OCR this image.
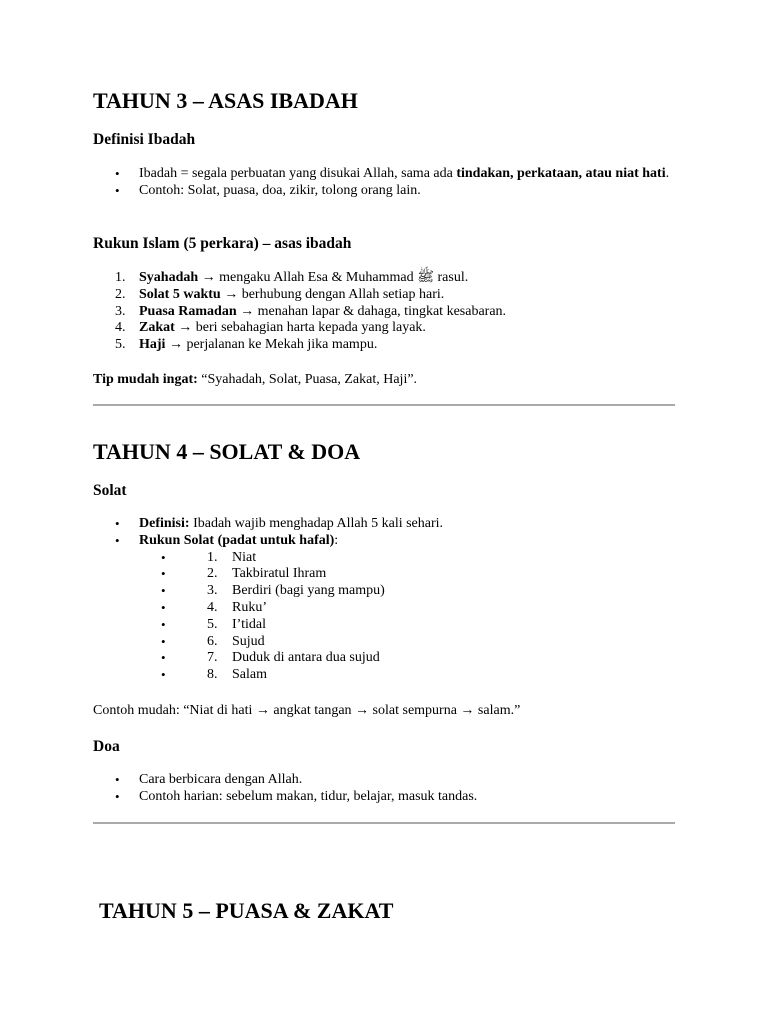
TAHUN 3 – ASAS IBADAH
Definisi Ibadah
• Ibadah = segala perbuatan yang disukai Allah, sama ada tindakan, perkataan, atau niat hati.
• Contoh: Solat, puasa, doa, zikir, tolong orang lain.
Rukun Islam (5 perkara) – asas ibadah
1. Syahadah → mengaku Allah Esa & Muhammad ﷺ rasul.
2. Solat 5 waktu → berhubung dengan Allah setiap hari.
3. Puasa Ramadan → menahan lapar & dahaga, tingkat kesabaran.
4. Zakat → beri sebahagian harta kepada yang layak.
5. Haji → perjalanan ke Mekah jika mampu.

Tip mudah ingat: “Syahadah, Solat, Puasa, Zakat, Haji”.

TAHUN 4 – SOLAT & DOA
Solat
• Definisi: Ibadah wajib menghadap Allah 5 kali sehari.
• Rukun Solat (padat untuk hafal):
• 1. Niat
• 2. Takbiratul Ihram
• 3. Berdiri (bagi yang mampu)
• 4. Ruku’
• 5. I’tidal
• 6. Sujud
• 7. Duduk di antara dua sujud
• 8. Salam

Contoh mudah: “Niat di hati → angkat tangan → solat sempurna → salam.”

Doa
• Cara berbicara dengan Allah.
• Contoh harian: sebelum makan, tidur, belajar, masuk tandas.
TAHUN 5 – PUASA & ZAKAT
